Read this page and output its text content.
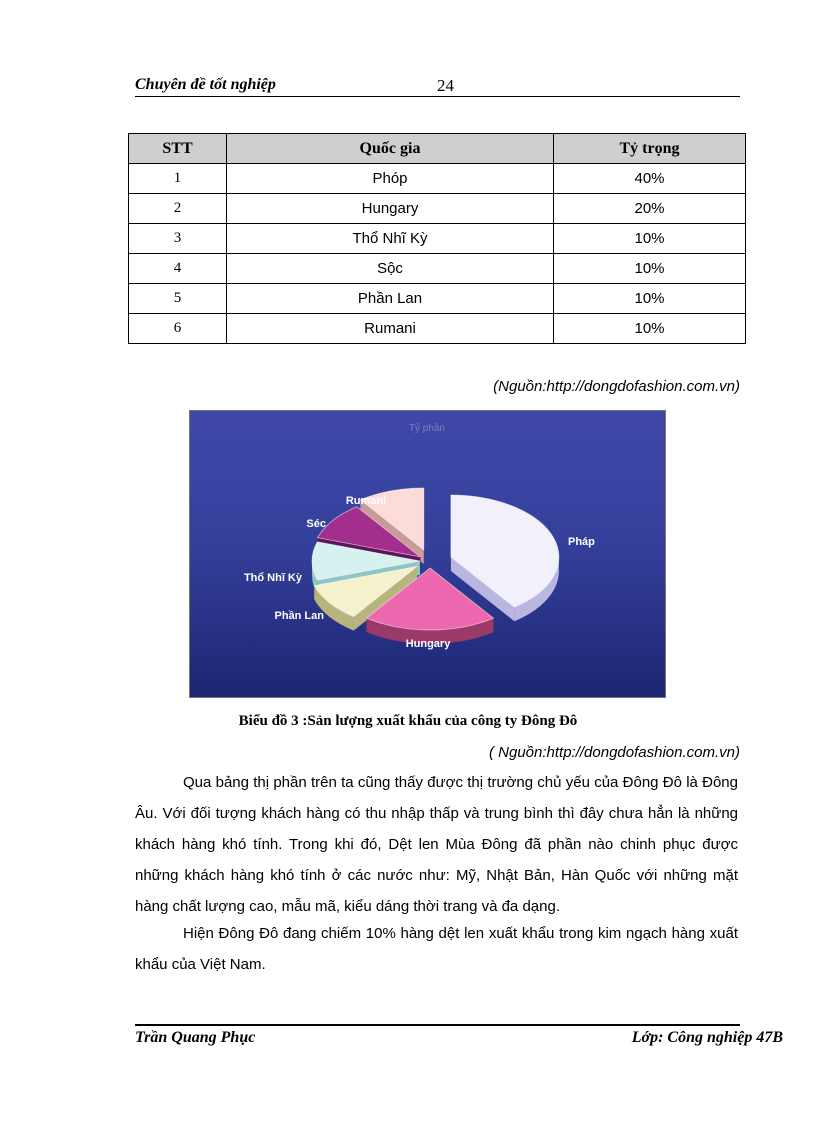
Chuyên đề tốt nghiệp	24
STT	Quốc gia	Tỷ trọng
1	Phóp	40%
2	Hungary	20%
3	Thổ Nhĩ Kỳ	10%
4	Sộc	10%
5	Phần Lan	10%
6	Rumani	10%
(Nguồn:http://dongdofashion.com.vn)
Tỷ phần
Pháp
Hungary
Phần Lan
Thổ Nhĩ Kỳ
Séc
Rumani
Biểu đồ 3 :Sản lượng xuất khẩu của công ty Đông Đô
( Nguồn:http://dongdofashion.com.vn)

Qua bảng thị phần trên ta cũng thấy được thị trường chủ yếu của Đông Đô là Đông Âu. Với đối tượng khách hàng có thu nhập thấp và trung bình thì đây chưa hẳn là những khách hàng khó tính. Trong khi đó, Dệt len Mùa Đông đã phần nào chinh phục được những khách hàng khó tính ở các nước như: Mỹ, Nhật Bản, Hàn Quốc với những mặt hàng chất lượng cao, mẫu mã, kiểu dáng thời trang và đa dạng.

Hiện Đông Đô đang chiếm 10% hàng dệt len xuất khẩu trong kim ngạch hàng xuất khẩu của Việt Nam.

Trần Quang Phục	Lớp: Công nghiệp 47B
